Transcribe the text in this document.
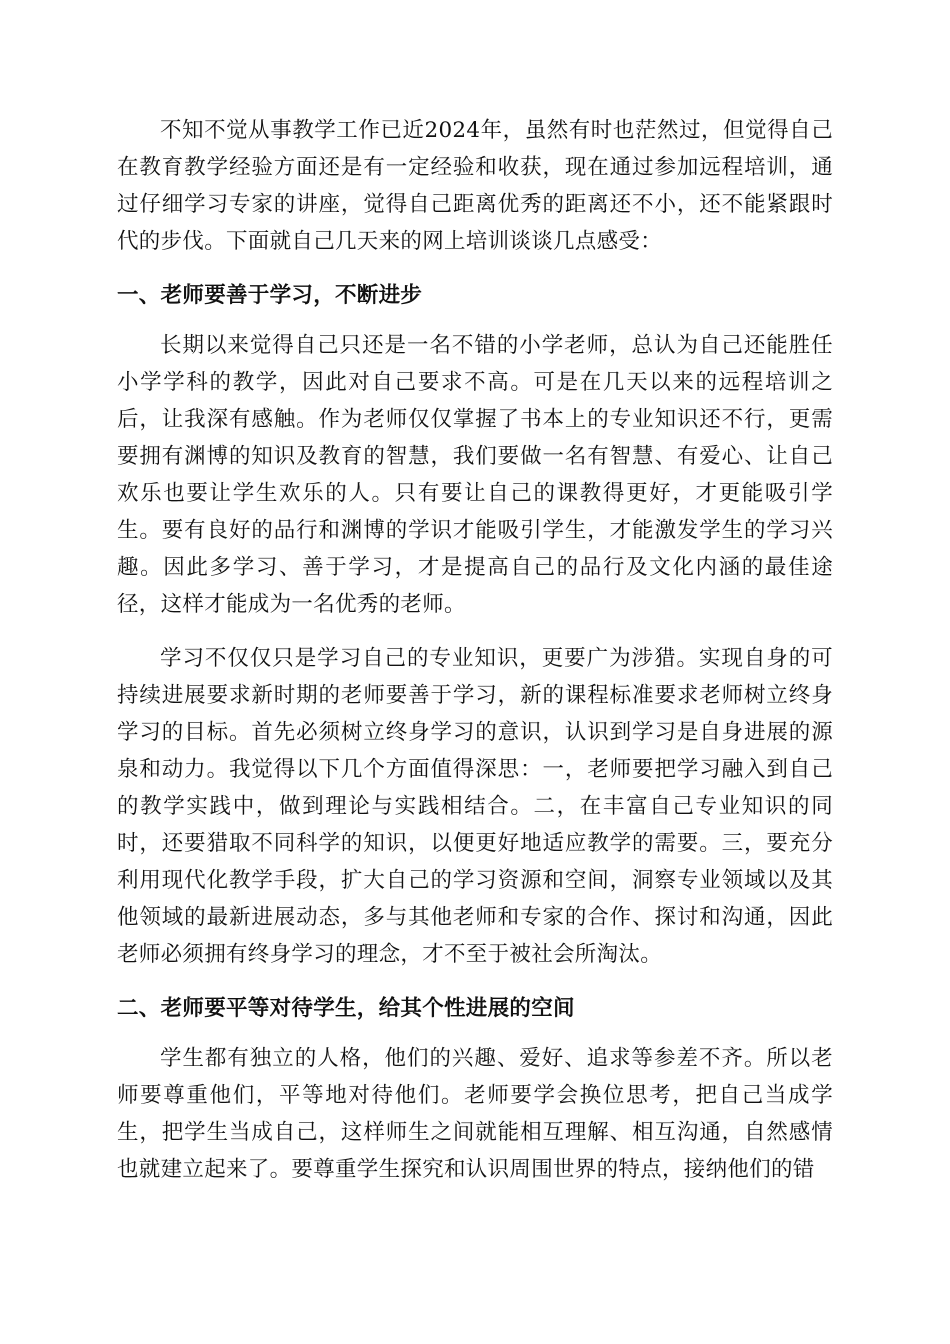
不知不觉从事教学工作已近2024年，虽然有时也茫然过，但觉得自己在教育教学经验方面还是有一定经验和收获，现在通过参加远程培训，通过仔细学习专家的讲座，觉得自己距离优秀的距离还不小，还不能紧跟时代的步伐。下面就自己几天来的网上培训谈谈几点感受：

一、老师要善于学习，不断进步

长期以来觉得自己只还是一名不错的小学老师，总认为自己还能胜任小学学科的教学，因此对自己要求不高。可是在几天以来的远程培训之后，让我深有感触。作为老师仅仅掌握了书本上的专业知识还不行，更需要拥有渊博的知识及教育的智慧，我们要做一名有智慧、有爱心、让自己欢乐也要让学生欢乐的人。只有要让自己的课教得更好，才更能吸引学生。要有良好的品行和渊博的学识才能吸引学生，才能激发学生的学习兴趣。因此多学习、善于学习，才是提高自己的品行及文化内涵的最佳途径，这样才能成为一名优秀的老师。

学习不仅仅只是学习自己的专业知识，更要广为涉猎。实现自身的可持续进展要求新时期的老师要善于学习，新的课程标准要求老师树立终身学习的目标。首先必须树立终身学习的意识，认识到学习是自身进展的源泉和动力。我觉得以下几个方面值得深思：一，老师要把学习融入到自己的教学实践中，做到理论与实践相结合。二，在丰富自己专业知识的同时，还要猎取不同科学的知识，以便更好地适应教学的需要。三，要充分利用现代化教学手段，扩大自己的学习资源和空间，洞察专业领域以及其他领域的最新进展动态，多与其他老师和专家的合作、探讨和沟通，因此老师必须拥有终身学习的理念，才不至于被社会所淘汰。

二、老师要平等对待学生，给其个性进展的空间

学生都有独立的人格，他们的兴趣、爱好、追求等参差不齐。所以老师要尊重他们，平等地对待他们。老师要学会换位思考，把自己当成学生，把学生当成自己，这样师生之间就能相互理解、相互沟通，自然感情也就建立起来了。要尊重学生探究和认识周围世界的特点，接纳他们的错
